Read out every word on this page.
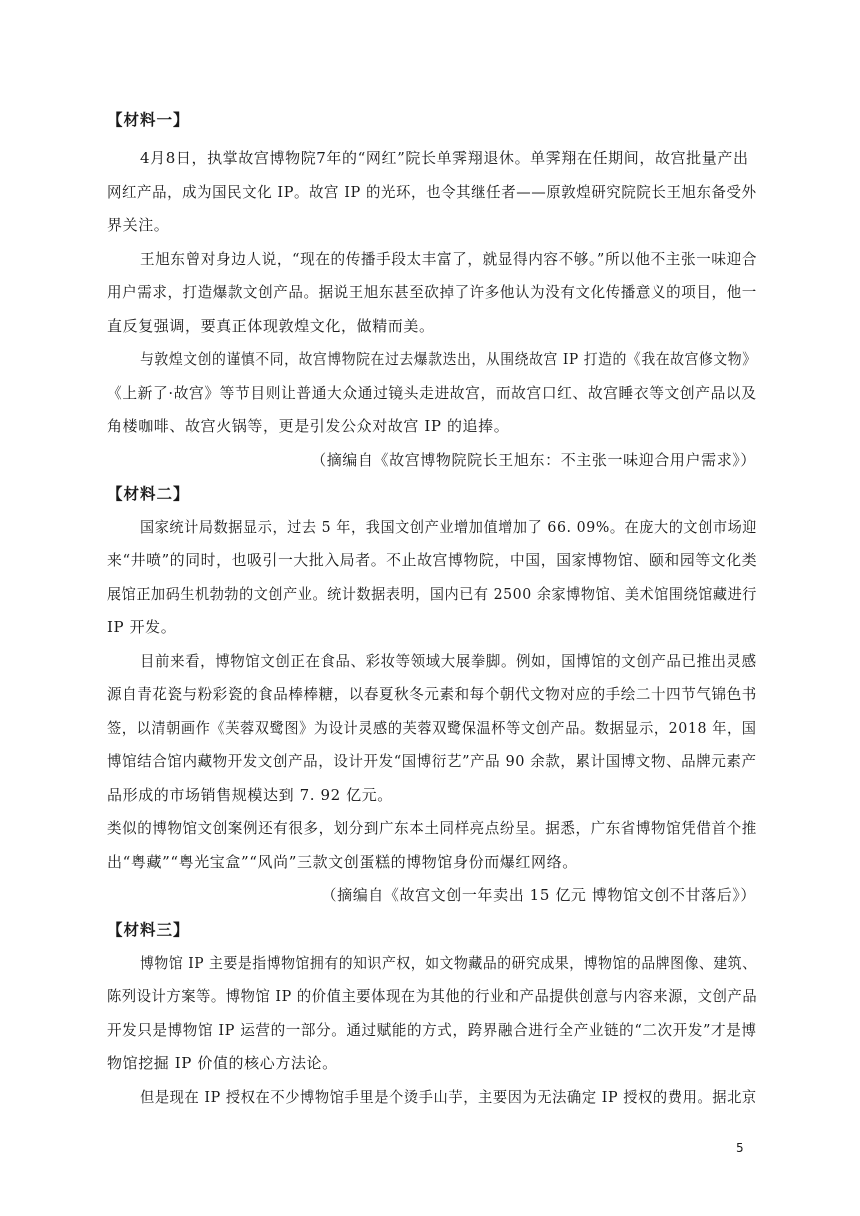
【材料一】
4月8日，执掌故宫博物院7年的“网红”院长单霁翔退休。单霁翔在任期间，故宫批量产出
网红产品，成为国民文化 IP。故宫 IP 的光环，也令其继任者——原敦煌研究院院长王旭东备受外
界关注。
王旭东曾对身边人说，“现在的传播手段太丰富了，就显得内容不够。”所以他不主张一味迎合
用户需求，打造爆款文创产品。据说王旭东甚至砍掉了许多他认为没有文化传播意义的项目，他一
直反复强调，要真正体现敦煌文化，做精而美。
与敦煌文创的谨慎不同，故宫博物院在过去爆款迭出，从围绕故宫 IP 打造的《我在故宫修文物》
《上新了·故宫》等节目则让普通大众通过镜头走进故宫，而故宫口红、故宫睡衣等文创产品以及
角楼咖啡、故宫火锅等，更是引发公众对故宫 IP 的追捧。
（摘编自《故宫博物院院长王旭东：不主张一味迎合用户需求》）
【材料二】
国家统计局数据显示，过去 5 年，我国文创产业增加值增加了 66. 09%。在庞大的文创市场迎
来“井喷”的同时，也吸引一大批入局者。不止故宫博物院，中国，国家博物馆、颐和园等文化类
展馆正加码生机勃勃的文创产业。统计数据表明，国内已有 2500 余家博物馆、美术馆围绕馆藏进行
IP 开发。
目前来看，博物馆文创正在食品、彩妆等领域大展拳脚。例如，国博馆的文创产品已推出灵感
源自青花瓷与粉彩瓷的食品棒棒糖，以春夏秋冬元素和每个朝代文物对应的手绘二十四节气锦色书
签，以清朝画作《芙蓉双鹭图》为设计灵感的芙蓉双鹭保温杯等文创产品。数据显示，2018 年，国
博馆结合馆内藏物开发文创产品，设计开发“国博衍艺”产品 90 余款，累计国博文物、品牌元素产
品形成的市场销售规模达到 7. 92 亿元。
类似的博物馆文创案例还有很多，划分到广东本土同样亮点纷呈。据悉，广东省博物馆凭借首个推
出“粤藏”“粤光宝盒”“风尚”三款文创蛋糕的博物馆身份而爆红网络。
（摘编自《故宫文创一年卖出 15 亿元 博物馆文创不甘落后》）
【材料三】
博物馆 IP 主要是指博物馆拥有的知识产权，如文物藏品的研究成果，博物馆的品牌图像、建筑、
陈列设计方案等。博物馆 IP 的价值主要体现在为其他的行业和产品提供创意与内容来源，文创产品
开发只是博物馆 IP 运营的一部分。通过赋能的方式，跨界融合进行全产业链的“二次开发”才是博
物馆挖掘 IP 价值的核心方法论。
但是现在 IP 授权在不少博物馆手里是个烫手山芋，主要因为无法确定 IP 授权的费用。据北京
5
